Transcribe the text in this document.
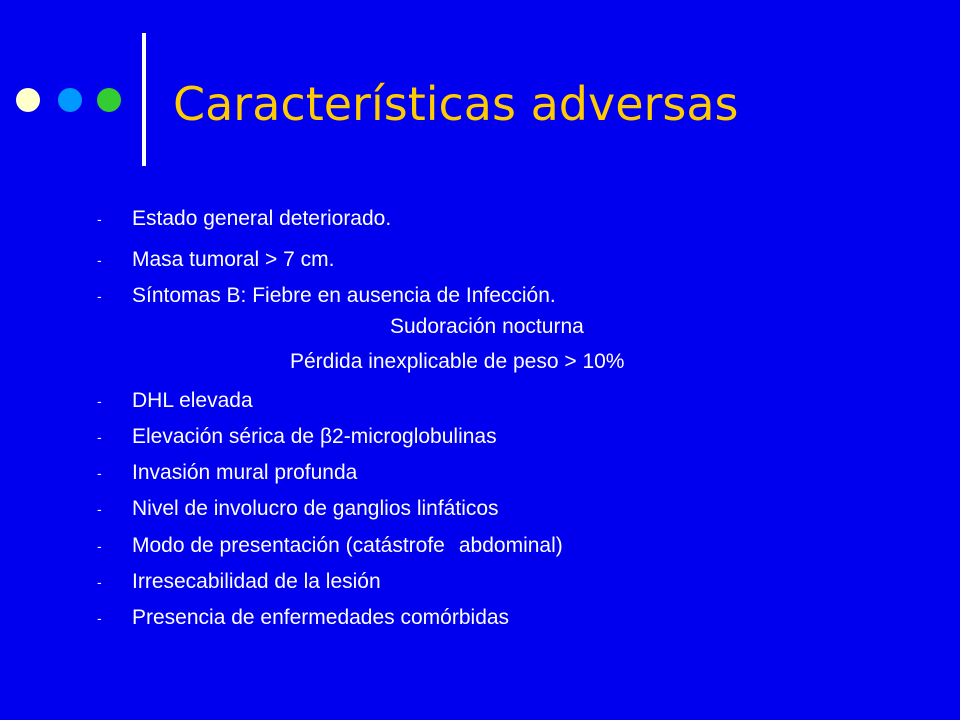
Características adversas
- Estado general deteriorado.
- Masa tumoral > 7 cm.
- Síntomas B: Fiebre en ausencia de Infección.
- DHL elevada
- Elevación sérica de β2-microglobulinas
- Invasión mural profunda
- Nivel de involucro de ganglios linfáticos
- Modo de presentación (catástrofe abdominal)
- Irresecabilidad de la lesión
- Presencia de enfermedades comórbidas
Sudoración nocturna
Pérdida inexplicable de peso > 10%
